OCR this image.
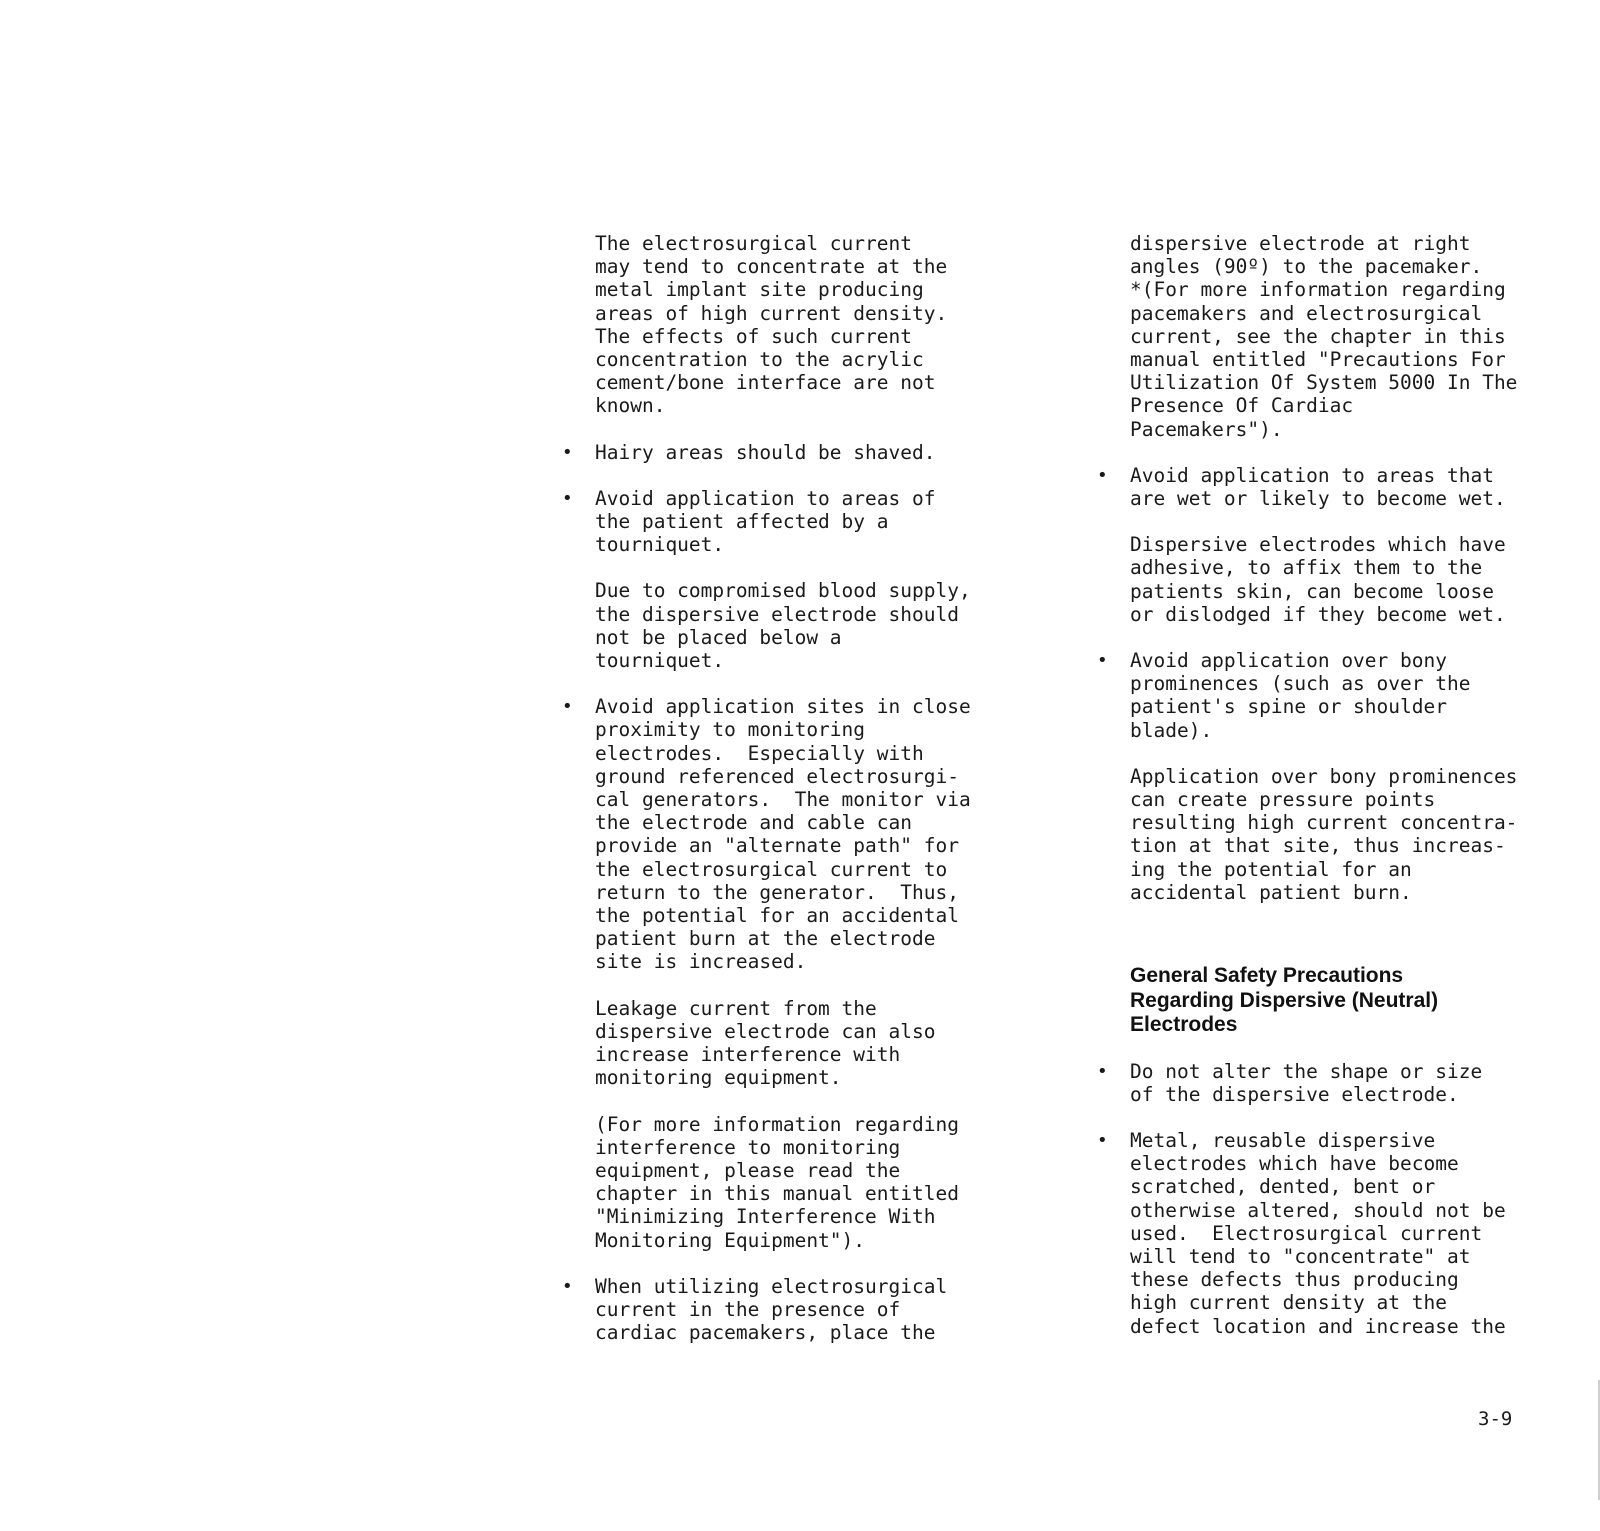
The electrosurgical current
may tend to concentrate at the
metal implant site producing
areas of high current density.
The effects of such current
concentration to the acrylic
cement/bone interface are not
known.
• Hairy areas should be shaved.
• Avoid application to areas of
the patient affected by a
tourniquet.
Due to compromised blood supply,
the dispersive electrode should
not be placed below a
tourniquet.
• Avoid application sites in close
proximity to monitoring
electrodes.  Especially with
ground referenced electrosurgi-
cal generators.  The monitor via
the electrode and cable can
provide an "alternate path" for
the electrosurgical current to
return to the generator.  Thus,
the potential for an accidental
patient burn at the electrode
site is increased.
Leakage current from the
dispersive electrode can also
increase interference with
monitoring equipment.
(For more information regarding
interference to monitoring
equipment, please read the
chapter in this manual entitled
"Minimizing Interference With
Monitoring Equipment").
• When utilizing electrosurgical
current in the presence of
cardiac pacemakers, place the
dispersive electrode at right
angles (90º) to the pacemaker.
*(For more information regarding
pacemakers and electrosurgical
current, see the chapter in this
manual entitled "Precautions For
Utilization Of System 5000 In The
Presence Of Cardiac
Pacemakers").
• Avoid application to areas that
are wet or likely to become wet.
Dispersive electrodes which have
adhesive, to affix them to the
patients skin, can become loose
or dislodged if they become wet.
• Avoid application over bony
prominences (such as over the
patient's spine or shoulder
blade).
Application over bony prominences
can create pressure points
resulting high current concentra-
tion at that site, thus increas-
ing the potential for an
accidental patient burn.
General Safety Precautions
Regarding Dispersive (Neutral)
Electrodes
• Do not alter the shape or size
of the dispersive electrode.
• Metal, reusable dispersive
electrodes which have become
scratched, dented, bent or
otherwise altered, should not be
used.  Electrosurgical current
will tend to "concentrate" at
these defects thus producing
high current density at the
defect location and increase the
3-9
